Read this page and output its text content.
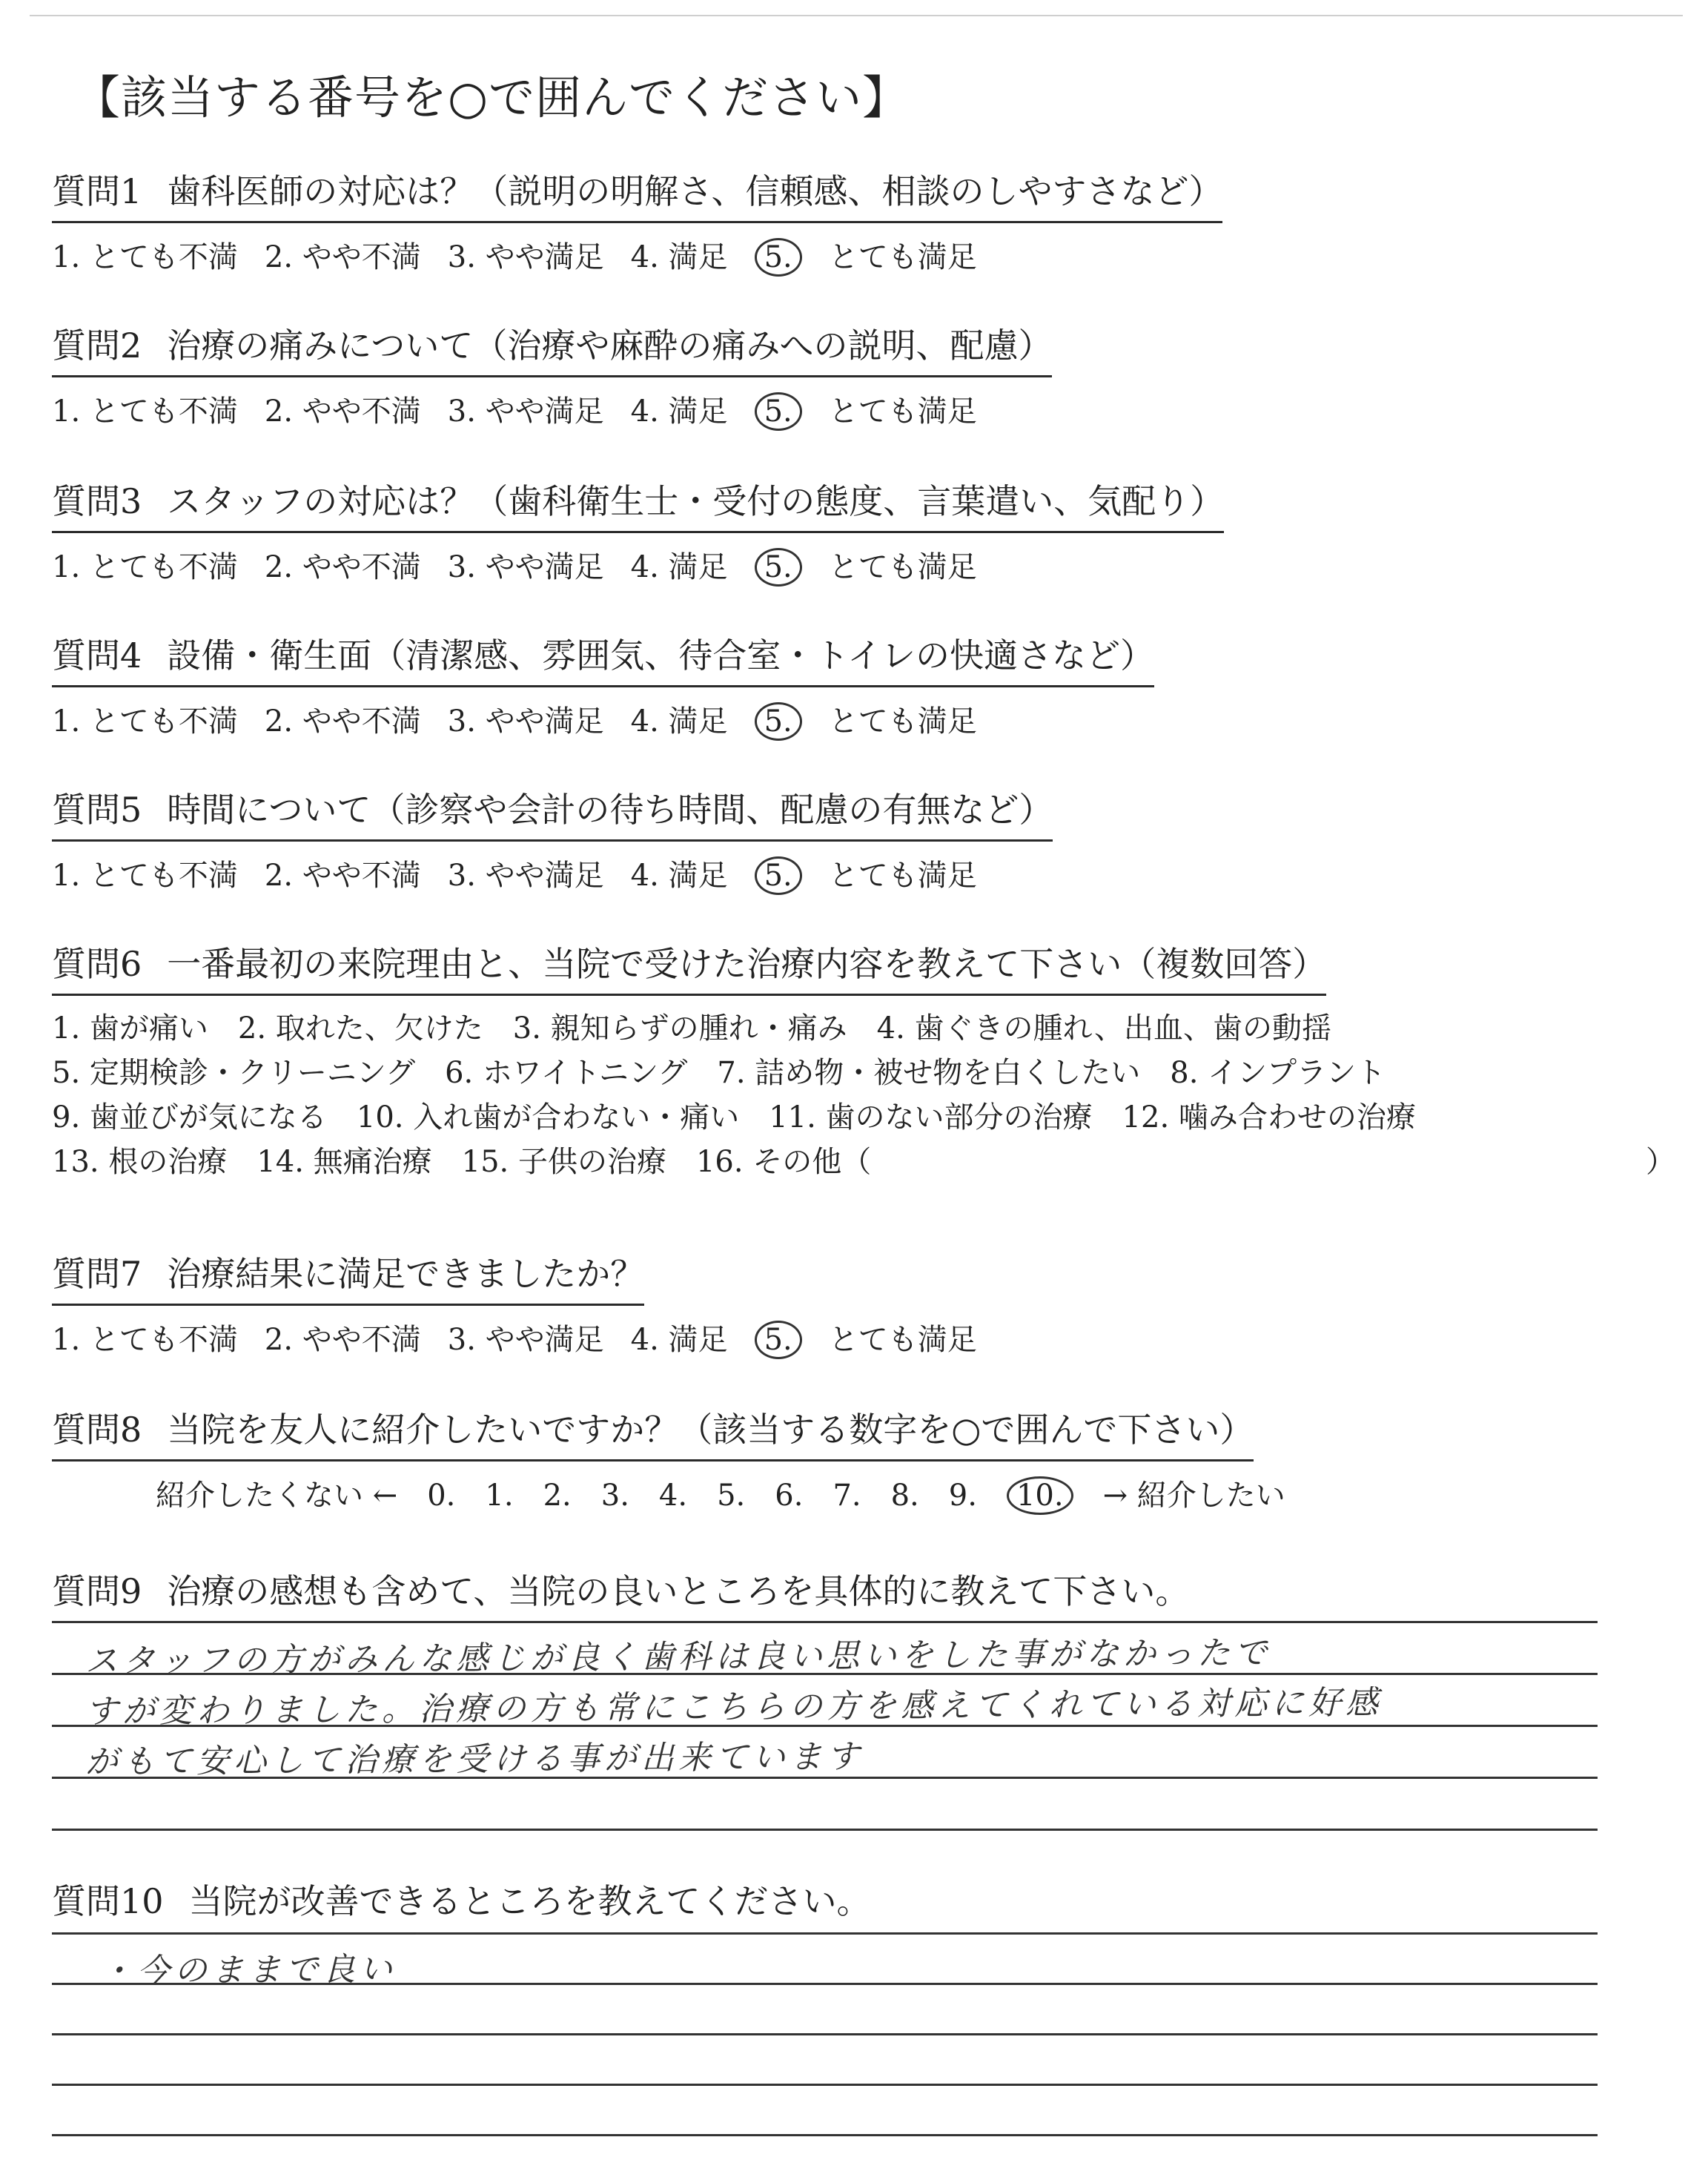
【該当する番号を○で囲んでください】
質問1 歯科医師の対応は？（説明の明解さ、信頼感、相談のしやすさなど）
1. とても不満 2. やや不満 3. やや満足 4. 満足 5. とても満足
質問2 治療の痛みについて（治療や麻酔の痛みへの説明、配慮）
1. とても不満 2. やや不満 3. やや満足 4. 満足 5. とても満足
質問3 スタッフの対応は？（歯科衛生士・受付の態度、言葉遣い、気配り）
1. とても不満 2. やや不満 3. やや満足 4. 満足 5. とても満足
質問4 設備・衛生面（清潔感、雰囲気、待合室・トイレの快適さなど）
1. とても不満 2. やや不満 3. やや満足 4. 満足 5. とても満足
質問5 時間について（診察や会計の待ち時間、配慮の有無など）
1. とても不満 2. やや不満 3. やや満足 4. 満足 5. とても満足
質問6 一番最初の来院理由と、当院で受けた治療内容を教えて下さい（複数回答）
1. 歯が痛い 2. 取れた、欠けた 3. 親知らずの腫れ・痛み 4. 歯ぐきの腫れ、出血、歯の動揺
5. 定期検診・クリーニング 6. ホワイトニング 7. 詰め物・被せ物を白くしたい 8. インプラント
9. 歯並びが気になる 10. 入れ歯が合わない・痛い 11. 歯のない部分の治療 12. 噛み合わせの治療
13. 根の治療 14. 無痛治療 15. 子供の治療 16. その他（	）
質問7 治療結果に満足できましたか？
1. とても不満 2. やや不満 3. やや満足 4. 満足 5. とても満足
質問8 当院を友人に紹介したいですか？（該当する数字を○で囲んで下さい）
紹介したくない ← 0. 1. 2. 3. 4. 5. 6. 7. 8. 9. 10. → 紹介したい
質問9 治療の感想も含めて、当院の良いところを具体的に教えて下さい。
スタッフの方がみんな感じが良く歯科は良い思いをした事がなかったで
すが変わりました。治療の方も常にこちらの方を感えてくれている対応に好感
がもて安心して治療を受ける事が出来ています
質問10 当院が改善できるところを教えてください。
・今のままで良い
